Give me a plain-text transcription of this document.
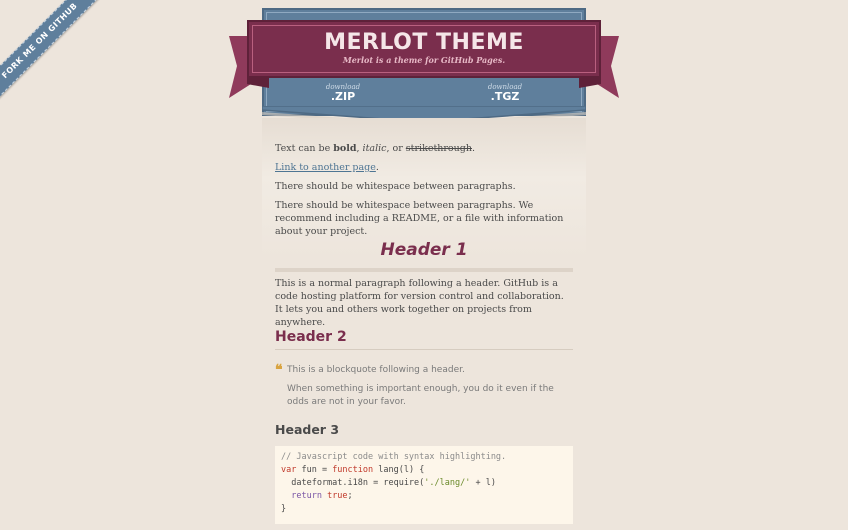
FORK ME ON GITHUB	MERLOT THEME

Merlot is a theme for GitHub Pages.

download
.ZIP
download
.TGZ

Text can be bold, italic, or strikethrough.

Link to another page.

There should be whitespace between paragraphs.

There should be whitespace between paragraphs. We recommend including a README, or a file with information about your project.

Header 1

This is a normal paragraph following a header. GitHub is a code hosting platform for version control and collaboration. It lets you and others work together on projects from anywhere.

Header 2
❝ This is a blockquote following a header.

When something is important enough, you do it even if the odds are not in your favor.

Header 3
// Javascript code with syntax highlighting.
var fun = function lang(l) {
dateformat.i18n = require('./lang/' + l)
return true;
}
